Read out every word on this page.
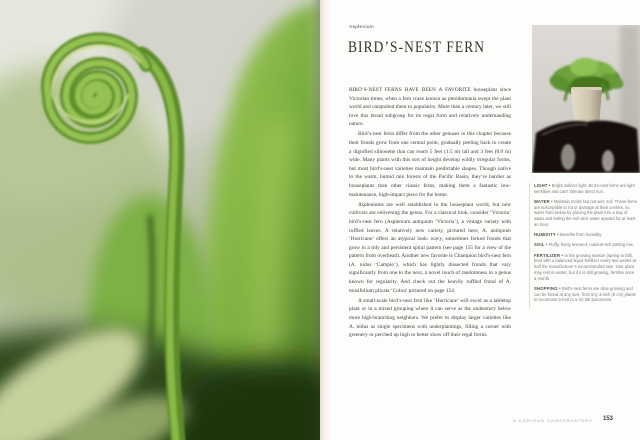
Asplenium
BIRD’S-NEST FERN

BIRD’S-NEST FERNS HAVE BEEN A FAVORITE houseplant since Victorian times, when a fern craze known as pteridomania swept the plant world and catapulted them to popularity. More than a century later, we still love this broad subgroup for its regal form and relatively undemanding nature.

Bird’s-nest ferns differ from the other genuses in this chapter because their fronds grow from one central point, gradually peeling back to create a dignified silhouette that can reach 5 feet (1.5 m) tall and 3 feet (0.9 m) wide. Many plants with this sort of height develop wildly irregular forms, but most bird’s-nest varieties maintain predictable shapes. Though native to the warm, humid rain forests of the Pacific Basin, they’re hardier as houseplants than other classic ferns, making them a fantastic low-maintenance, high-impact piece for the home.

Aspleniums are well established in the houseplant world, but new cultivars are enlivening the genus. For a classical look, consider ‘Victoria’ bird’s-nest fern (Asplenium antiquum ‘Victoria’), a vintage variety with ruffled leaves. A relatively new variety, pictured here, A. antiquum ‘Hurricane’ offers an atypical look: wavy, sometimes forked fronds that grow in a tidy and persistent spiral pattern (see page 155 for a view of the pattern from overhead). Another new favorite is Champion bird’s-nest fern (A. nidus ‘Campio’), which has lightly dissected fronds that vary significantly from one to the next, a novel touch of randomness in a genus known for regularity. And check out the heavily ruffled frond of A. musifolium plicata ‘Cobra’ pictured on page 154.

A small-scale bird’s-nest fern like ‘Hurricane’ will excel as a tabletop plant or in a mixed grouping where it can serve as the understory below more high-branching neighbors. We prefer to display larger varieties like A. nidus as single specimens with underplantings, filling a corner with greenery or perched up high to better show off their regal forms.

LIGHT • Bright indirect light. Bird’s-nest ferns are light sensitive and can’t tolerate direct sun.
WATER • Maintain moist, but not wet, soil. These ferns are susceptible to rot or damage at their centers, so water from below by placing the plant into a tray of water and letting the soil wick water upward for at least an hour.
HUMIDITY • Benefits from humidity.
SOIL • Fluffy, finely textured, nutrient-rich potting mix.
FERTILIZER • In the growing season (spring to fall), feed with a balanced liquid fertilizer every two weeks at half the manufacturer’s recommended rate. Your plant may rest in winter, but if it is still growing, fertilize once a month.
SHOPPING • Bird’s-nest ferns are slow growing and can be found at any size, from tiny 3-inch (8 cm) plants to enormous 5-foot (1.5 m) tall specimens.
A CURIOUS CONSERVATORY 153
